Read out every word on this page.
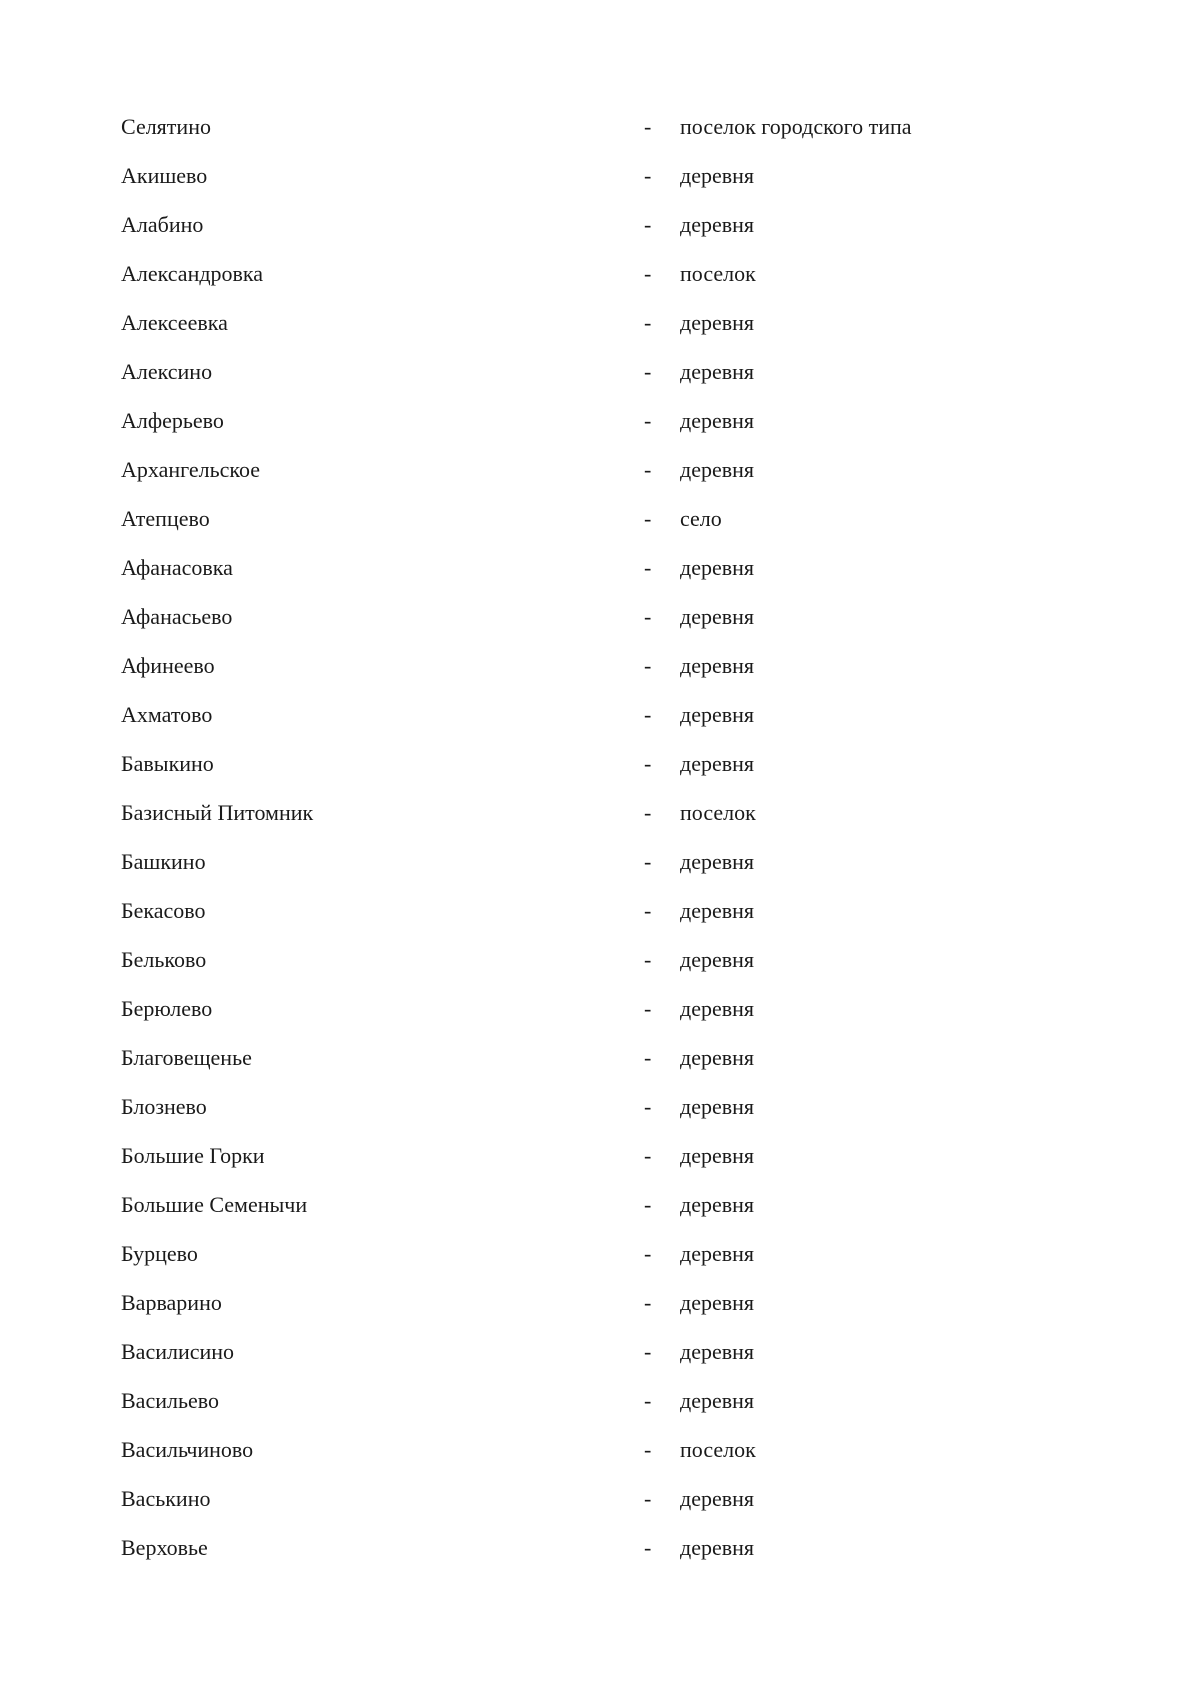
Селятино	- поселок городского типа
Акишево	- деревня
Алабино	- деревня
Александровка	- поселок
Алексеевка	- деревня
Алексино	- деревня
Алферьево	- деревня
Архангельское	- деревня
Атепцево	- село
Афанасовка	- деревня
Афанасьево	- деревня
Афинеево	- деревня
Ахматово	- деревня
Бавыкино	- деревня
Базисный Питомник	- поселок
Башкино	- деревня
Бекасово	- деревня
Бельково	- деревня
Берюлево	- деревня
Благовещенье	- деревня
Блознево	- деревня
Большие Горки	- деревня
Большие Семенычи	- деревня
Бурцево	- деревня
Варварино	- деревня
Василисино	- деревня
Васильево	- деревня
Васильчиново	- поселок
Васькино	- деревня
Верховье	- деревня
